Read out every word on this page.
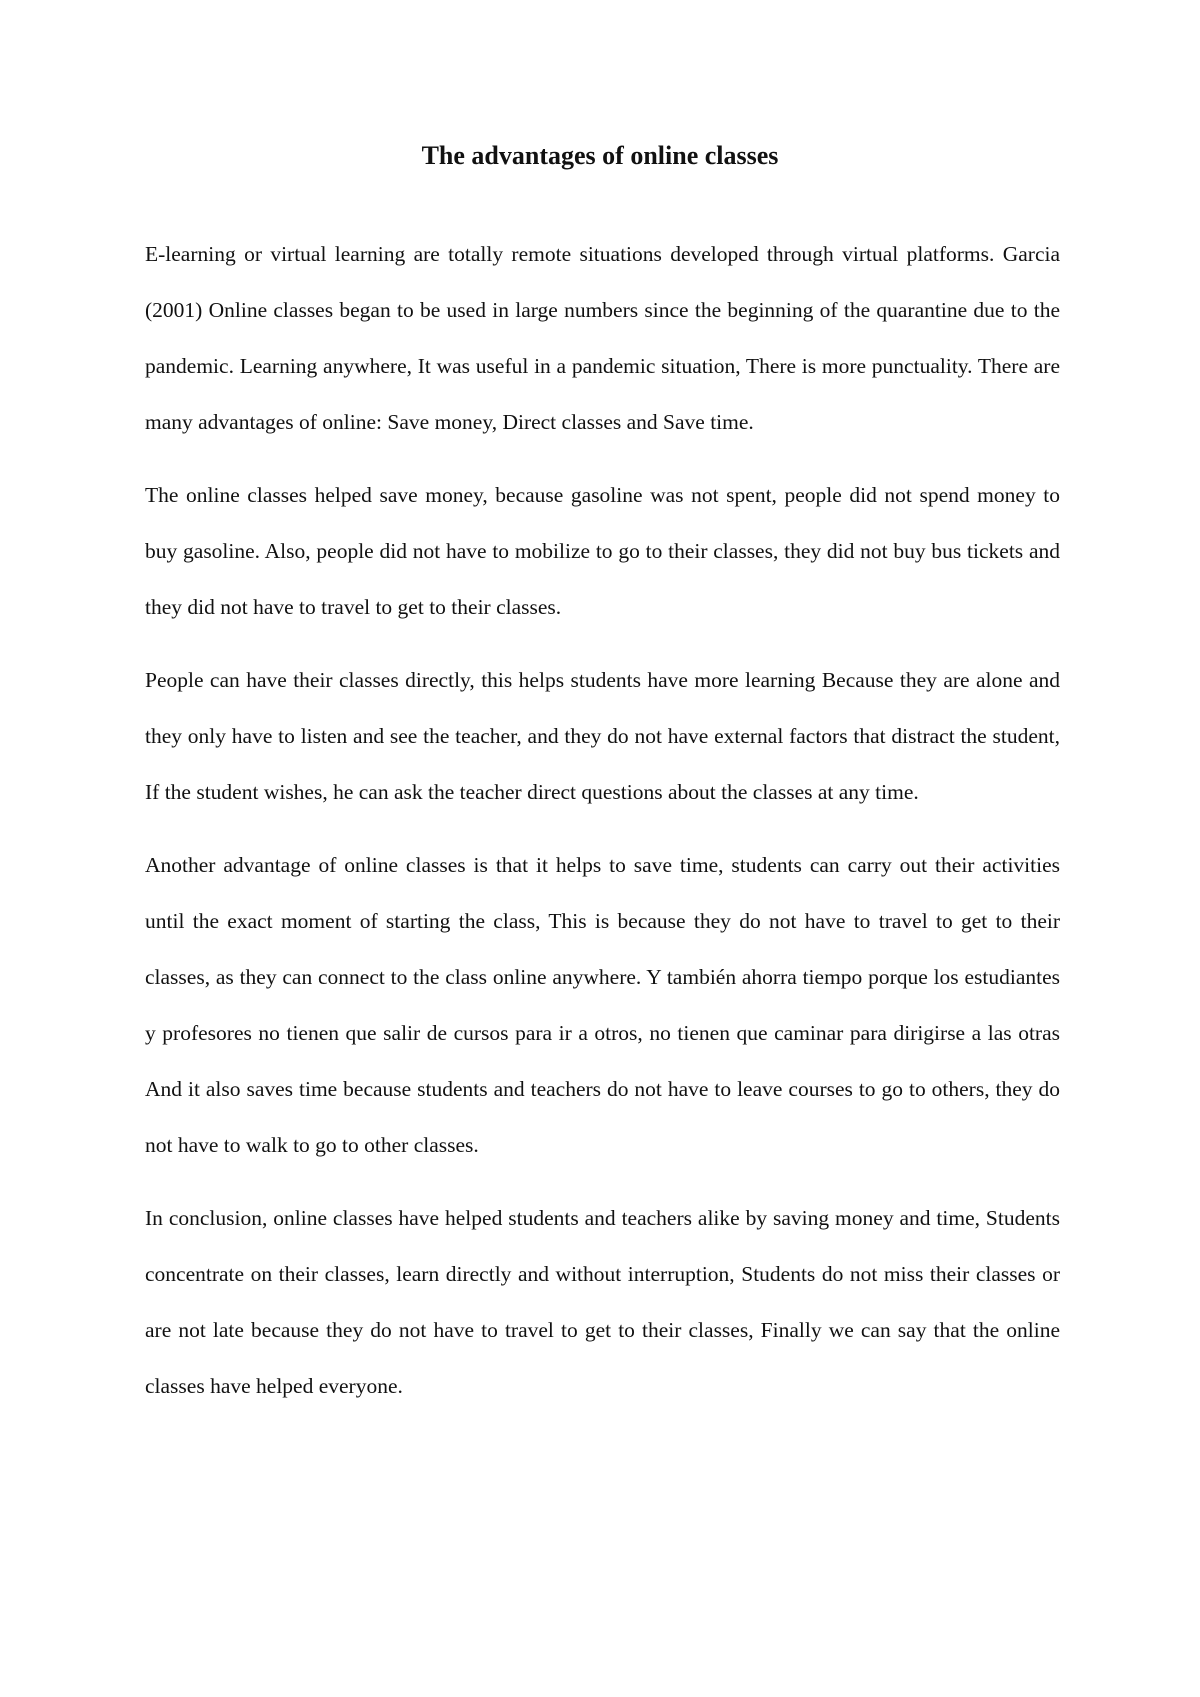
The advantages of online classes

E-learning or virtual learning are totally remote situations developed through virtual platforms. Garcia (2001) Online classes began to be used in large numbers since the beginning of the quarantine due to the pandemic. Learning anywhere, It was useful in a pandemic situation, There is more punctuality. There are many advantages of online: Save money, Direct classes and Save time.

The online classes helped save money, because gasoline was not spent, people did not spend money to buy gasoline. Also, people did not have to mobilize to go to their classes, they did not buy bus tickets and they did not have to travel to get to their classes.

People can have their classes directly, this helps students have more learning Because they are alone and they only have to listen and see the teacher, and they do not have external factors that distract the student, If the student wishes, he can ask the teacher direct questions about the classes at any time.

Another advantage of online classes is that it helps to save time, students can carry out their activities until the exact moment of starting the class, This is because they do not have to travel to get to their classes, as they can connect to the class online anywhere. Y también ahorra tiempo porque los estudiantes y profesores no tienen que salir de cursos para ir a otros, no tienen que caminar para dirigirse a las otras And it also saves time because students and teachers do not have to leave courses to go to others, they do not have to walk to go to other classes.

In conclusion, online classes have helped students and teachers alike by saving money and time, Students concentrate on their classes, learn directly and without interruption, Students do not miss their classes or are not late because they do not have to travel to get to their classes, Finally we can say that the online classes have helped everyone.
